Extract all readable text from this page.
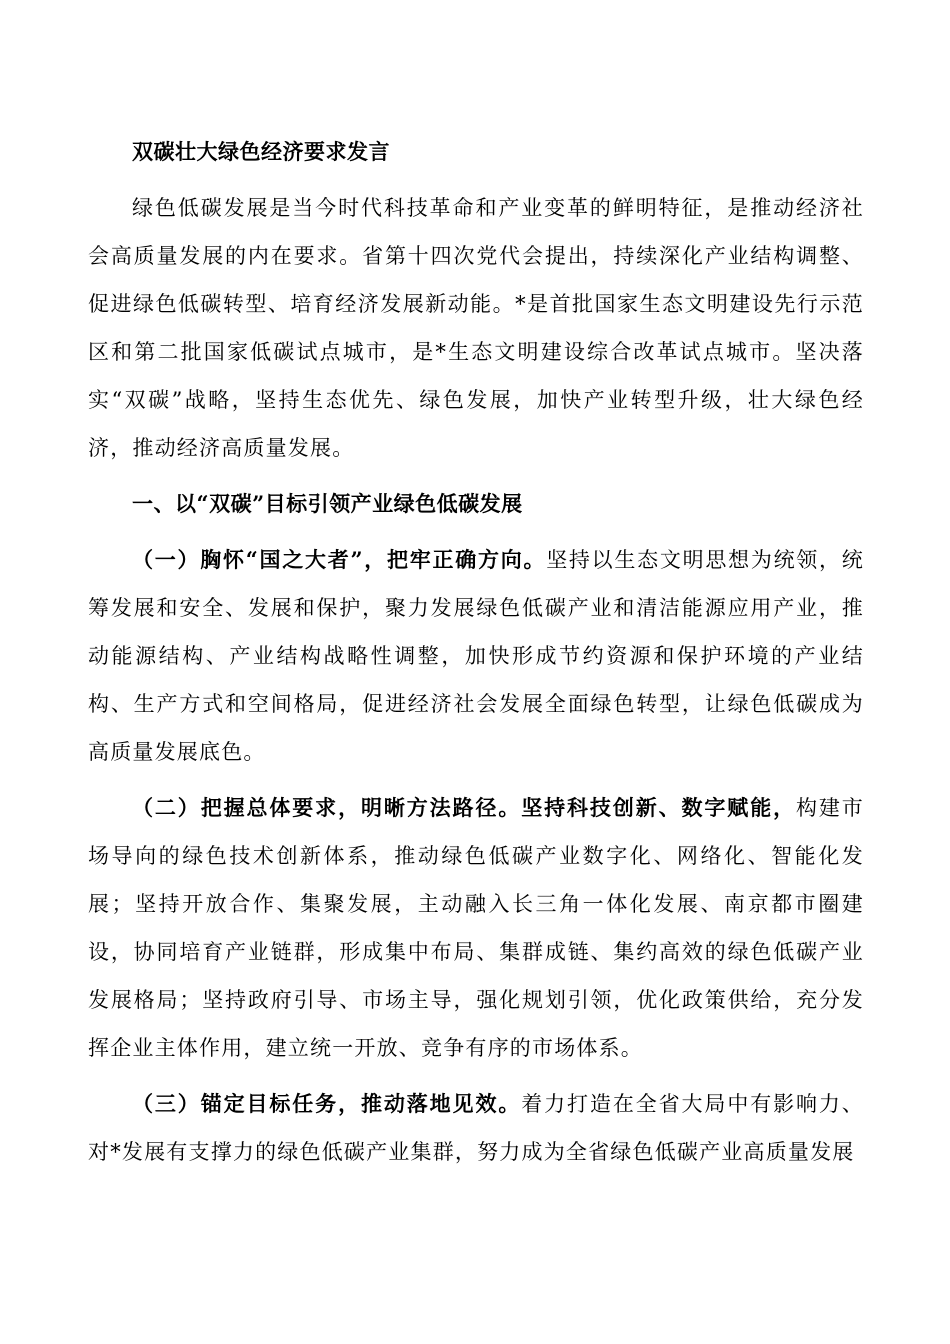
双碳壮大绿色经济要求发言

绿色低碳发展是当今时代科技革命和产业变革的鲜明特征，是推动经济社会高质量发展的内在要求。省第十四次党代会提出，持续深化产业结构调整、促进绿色低碳转型、培育经济发展新动能。*是首批国家生态文明建设先行示范区和第二批国家低碳试点城市，是*生态文明建设综合改革试点城市。坚决落实“双碳”战略，坚持生态优先、绿色发展，加快产业转型升级，壮大绿色经济，推动经济高质量发展。

一、以“双碳”目标引领产业绿色低碳发展

（一）胸怀“国之大者”，把牢正确方向。坚持以生态文明思想为统领，统筹发展和安全、发展和保护，聚力发展绿色低碳产业和清洁能源应用产业，推动能源结构、产业结构战略性调整，加快形成节约资源和保护环境的产业结构、生产方式和空间格局，促进经济社会发展全面绿色转型，让绿色低碳成为高质量发展底色。

（二）把握总体要求，明晰方法路径。坚持科技创新、数字赋能，构建市场导向的绿色技术创新体系，推动绿色低碳产业数字化、网络化、智能化发展；坚持开放合作、集聚发展，主动融入长三角一体化发展、南京都市圈建设，协同培育产业链群，形成集中布局、集群成链、集约高效的绿色低碳产业发展格局；坚持政府引导、市场主导，强化规划引领，优化政策供给，充分发挥企业主体作用，建立统一开放、竞争有序的市场体系。

（三）锚定目标任务，推动落地见效。着力打造在全省大局中有影响力、对*发展有支撑力的绿色低碳产业集群，努力成为全省绿色低碳产业高质量发展
